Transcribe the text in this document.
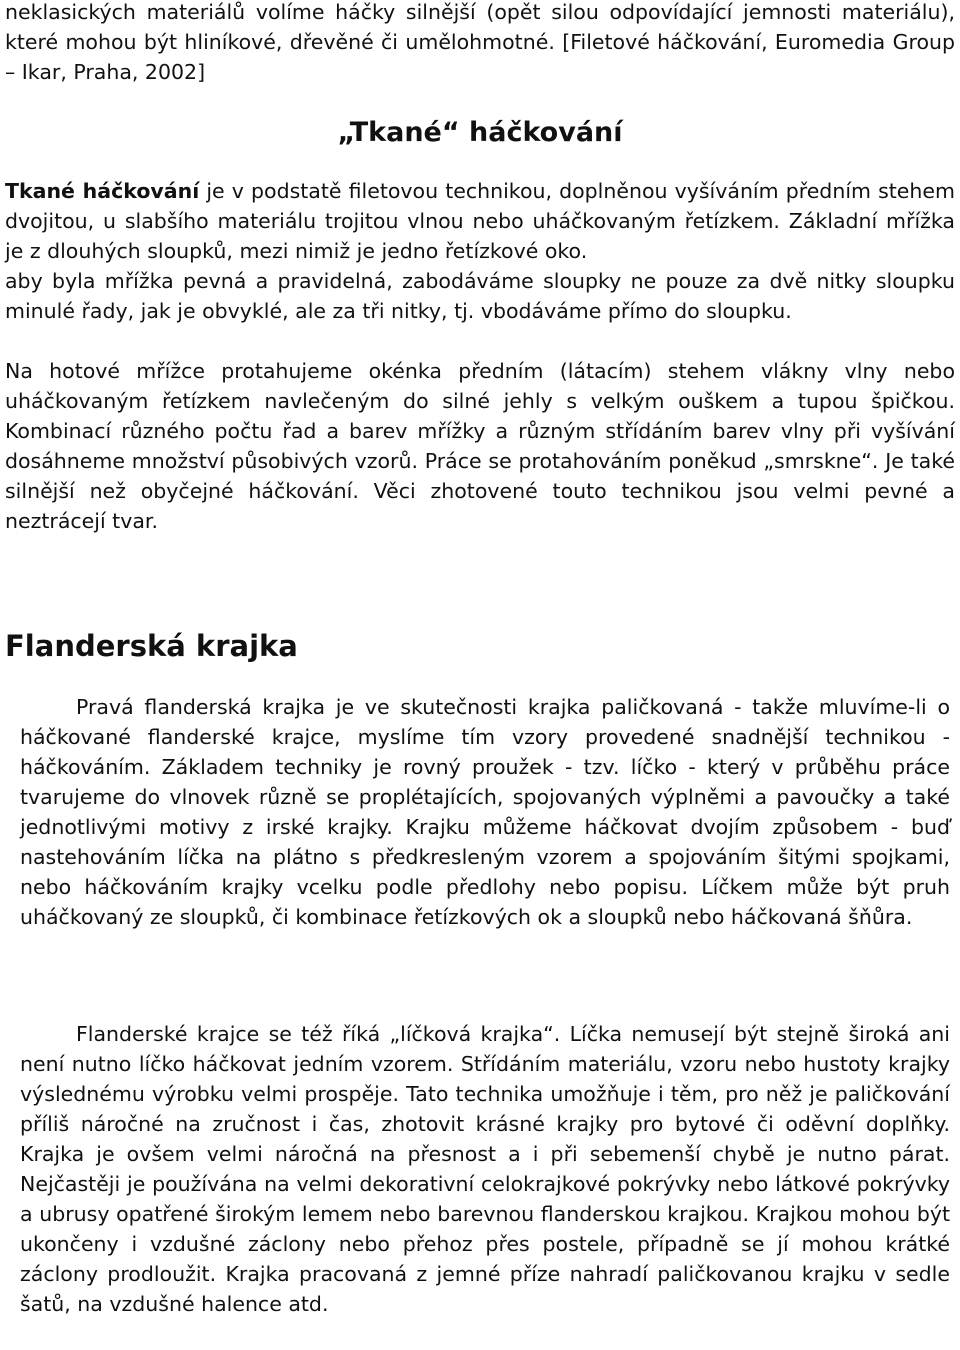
neklasických materiálů volíme háčky silnější (opět silou odpovídající jemnosti materiálu), které mohou být hliníkové, dřevěné či umělohmotné. [Filetové háčkování, Euromedia Group – Ikar, Praha, 2002]

„Tkané“ háčkování

Tkané háčkování je v podstatě filetovou technikou, doplněnou vyšíváním předním stehem dvojitou, u slabšího materiálu trojitou vlnou nebo uháčkovaným řetízkem. Základní mřížka je z dlouhých sloupků, mezi nimiž je jedno řetízkové oko.

aby byla mřížka pevná a pravidelná, zabodáváme sloupky ne pouze za dvě nitky sloupku minulé řady, jak je obvyklé, ale za tři nitky, tj. vbodáváme přímo do sloupku.

Na hotové mřížce protahujeme okénka předním (látacím) stehem vlákny vlny nebo uháčkovaným řetízkem navlečeným do silné jehly s velkým ouškem a tupou špičkou. Kombinací různého počtu řad a barev mřížky a různým střídáním barev vlny při vyšívání dosáhneme množství působivých vzorů. Práce se protahováním poněkud „smrskne“. Je také silnější než obyčejné háčkování. Věci zhotovené touto technikou jsou velmi pevné a neztrácejí tvar.

Flanderská krajka

Pravá flanderská krajka je ve skutečnosti krajka paličkovaná - takže mluvíme-li o háčkované flanderské krajce, myslíme tím vzory provedené snadnější technikou - háčkováním. Základem techniky je rovný proužek - tzv. líčko - který v průběhu práce tvarujeme do vlnovek různě se proplétajících, spojovaných výplněmi a pavoučky a také jednotlivými motivy z irské krajky. Krajku můžeme háčkovat dvojím způsobem - buď nastehováním líčka na plátno s předkresleným vzorem a spojováním šitými spojkami, nebo háčkováním krajky vcelku podle předlohy nebo popisu. Líčkem může být pruh uháčkovaný ze sloupků, či kombinace řetízkových ok a sloupků nebo háčkovaná šňůra.

Flanderské krajce se též říká „líčková krajka“. Líčka nemusejí být stejně široká ani není nutno líčko háčkovat jedním vzorem. Střídáním materiálu, vzoru nebo hustoty krajky výslednému výrobku velmi prospěje. Tato technika umožňuje i těm, pro něž je paličkování příliš náročné na zručnost i čas, zhotovit krásné krajky pro bytové či oděvní doplňky. Krajka je ovšem velmi náročná na přesnost a i při sebemenší chybě je nutno párat. Nejčastěji je používána na velmi dekorativní celokrajkové pokrývky nebo látkové pokrývky a ubrusy opatřené širokým lemem nebo barevnou flanderskou krajkou. Krajkou mohou být ukončeny i vzdušné záclony nebo přehoz přes postele, případně se jí mohou krátké záclony prodloužit. Krajka pracovaná z jemné příze nahradí paličkovanou krajku v sedle šatů, na vzdušné halence atd.
